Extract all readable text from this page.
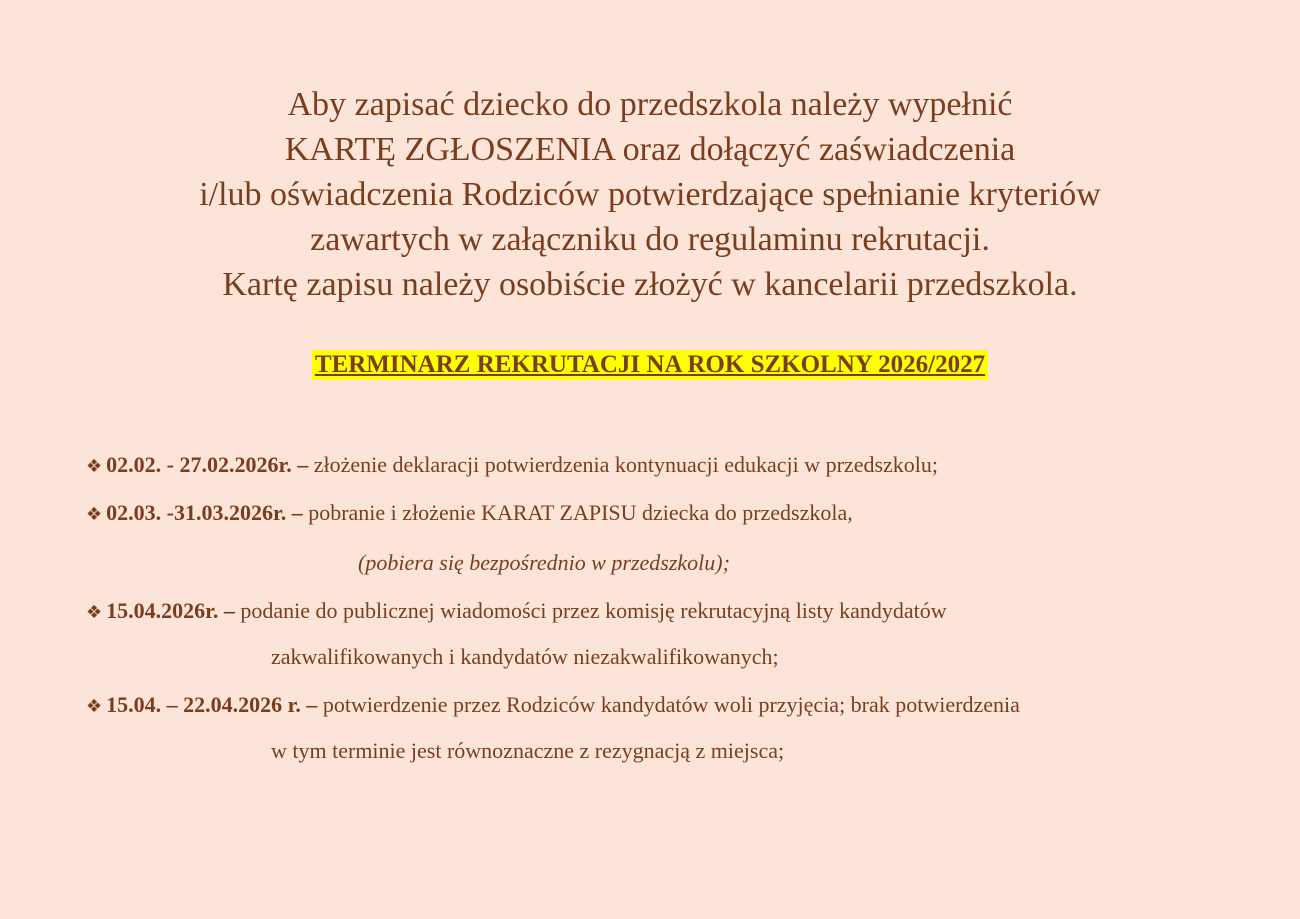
Aby zapisać dziecko do przedszkola należy wypełnić
KARTĘ ZGŁOSZENIA oraz dołączyć zaświadczenia
i/lub oświadczenia Rodziców potwierdzające spełnianie kryteriów
zawartych w załączniku do regulaminu rekrutacji.
Kartę zapisu należy osobiście złożyć w kancelarii przedszkola.
TERMINARZ REKRUTACJI NA ROK SZKOLNY 2026/2027
❖ 02.02. - 27.02.2026r. – złożenie deklaracji potwierdzenia kontynuacji edukacji w przedszkolu;
❖ 02.03. -31.03.2026r. – pobranie i złożenie KARAT ZAPISU dziecka do przedszkola,
(pobiera się bezpośrednio w przedszkolu);
❖ 15.04.2026r. – podanie do publicznej wiadomości przez komisję rekrutacyjną listy kandydatów
zakwalifikowanych i kandydatów niezakwalifikowanych;
❖ 15.04. – 22.04.2026 r. – potwierdzenie przez Rodziców kandydatów woli przyjęcia; brak potwierdzenia
w tym terminie jest równoznaczne z rezygnacją z miejsca;
